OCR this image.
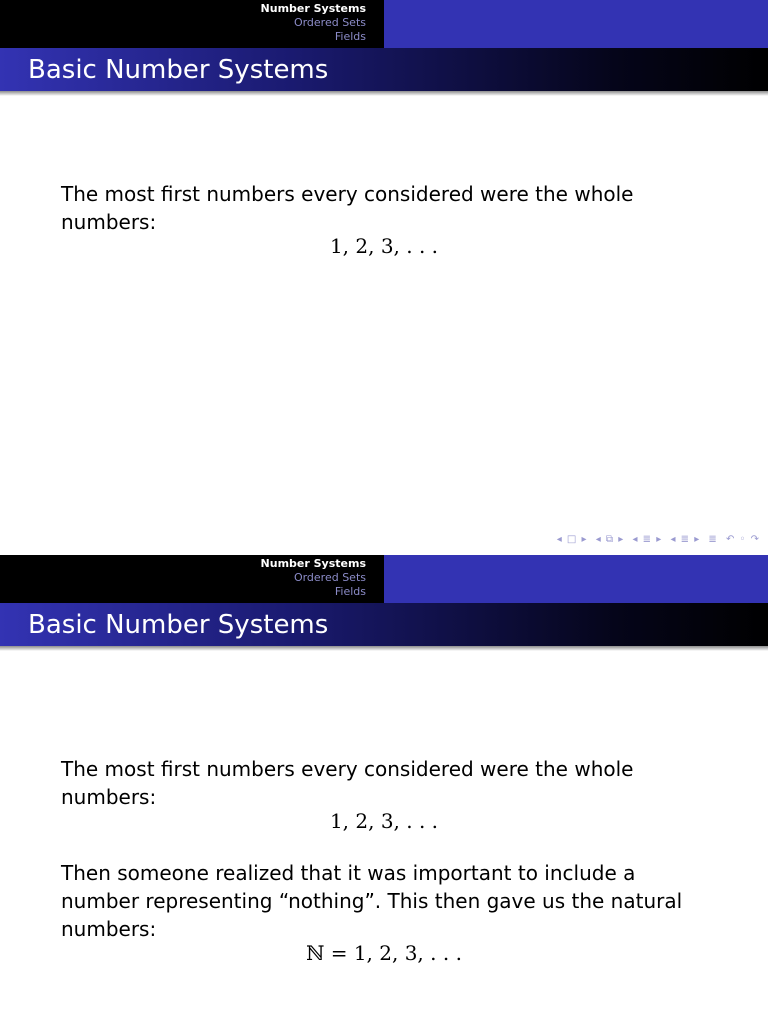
Number Systems
Ordered Sets
Fields
Basic Number Systems
The most first numbers every considered were the whole numbers:
1, 2, 3, . . .
◂ □ ▸ ◂ ⧉ ▸ ◂ ≣ ▸ ◂ ≣ ▸ ≣ ↶ ◦ ↷
Number Systems
Ordered Sets
Fields
Basic Number Systems
The most first numbers every considered were the whole numbers:
1, 2, 3, . . .
Then someone realized that it was important to include a number representing “nothing”. This then gave us the natural numbers:
ℕ = 1, 2, 3, . . .
